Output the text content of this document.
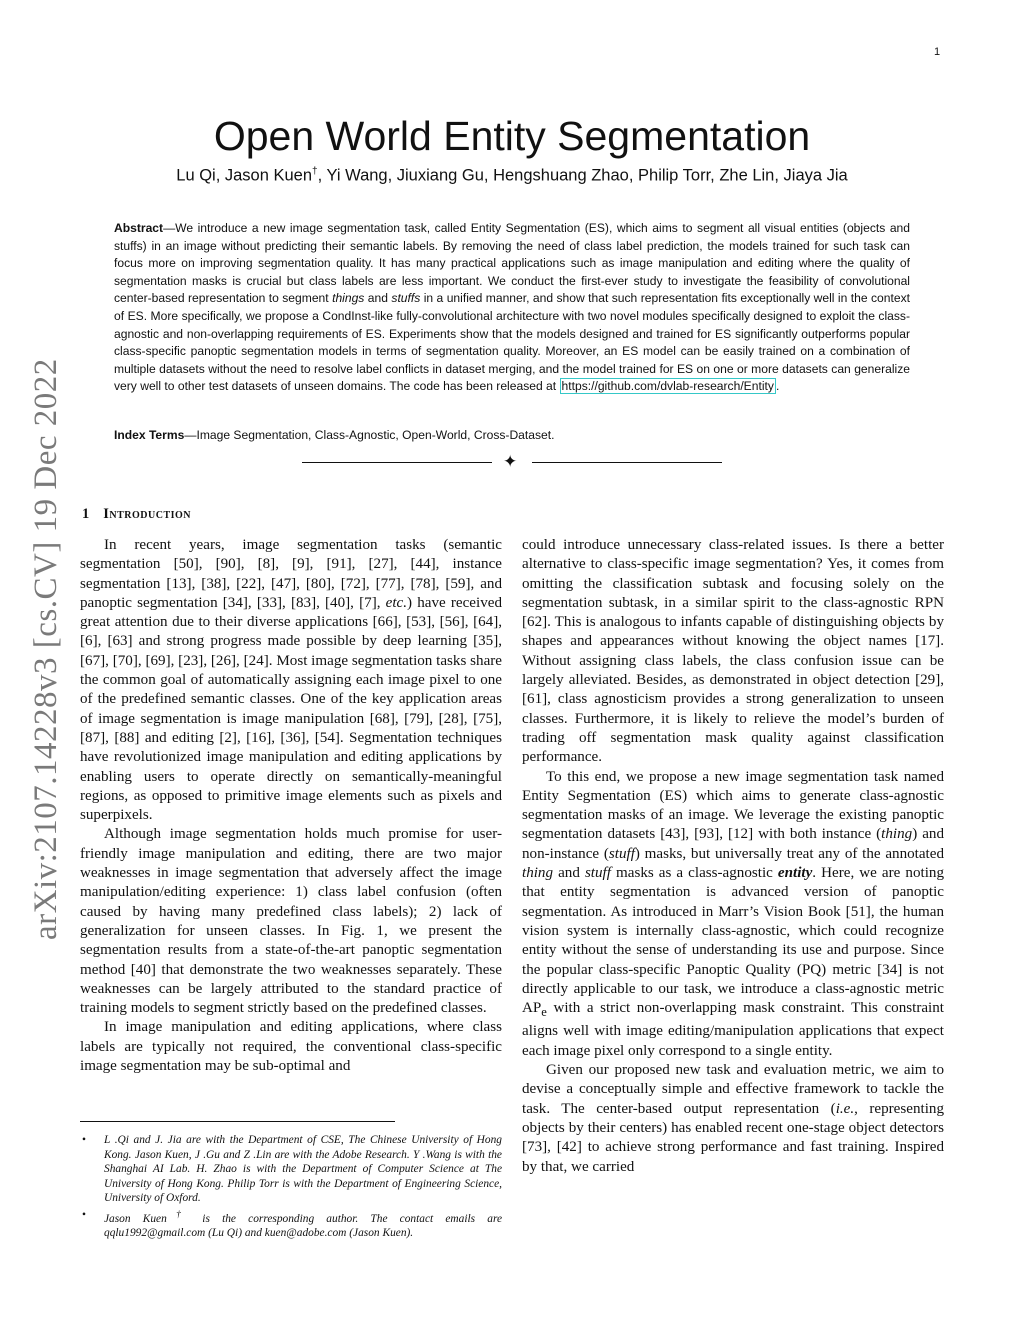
1
arXiv:2107.14228v3 [cs.CV] 19 Dec 2022
Open World Entity Segmentation
Lu Qi, Jason Kuen†, Yi Wang, Jiuxiang Gu, Hengshuang Zhao, Philip Torr, Zhe Lin, Jiaya Jia
Abstract—We introduce a new image segmentation task, called Entity Segmentation (ES), which aims to segment all visual entities (objects and stuffs) in an image without predicting their semantic labels. By removing the need of class label prediction, the models trained for such task can focus more on improving segmentation quality. It has many practical applications such as image manipulation and editing where the quality of segmentation masks is crucial but class labels are less important. We conduct the first-ever study to investigate the feasibility of convolutional center-based representation to segment things and stuffs in a unified manner, and show that such representation fits exceptionally well in the context of ES. More specifically, we propose a CondInst-like fully-convolutional architecture with two novel modules specifically designed to exploit the class-agnostic and non-overlapping requirements of ES. Experiments show that the models designed and trained for ES significantly outperforms popular class-specific panoptic segmentation models in terms of segmentation quality. Moreover, an ES model can be easily trained on a combination of multiple datasets without the need to resolve label conflicts in dataset merging, and the model trained for ES on one or more datasets can generalize very well to other test datasets of unseen domains. The code has been released at https://github.com/dvlab-research/Entity .
Index Terms—Image Segmentation, Class-Agnostic, Open-World, Cross-Dataset.
✦
1 Introduction

In recent years, image segmentation tasks (semantic segmentation [50], [90], [8], [9], [91], [27], [44], instance segmentation [13], [38], [22], [47], [80], [72], [77], [78], [59], and panoptic segmentation [34], [33], [83], [40], [7], etc.) have received great attention due to their diverse applications [66], [53], [56], [64], [6], [63] and strong progress made possible by deep learning [35], [67], [70], [69], [23], [26], [24]. Most image segmentation tasks share the common goal of automatically assigning each image pixel to one of the predefined semantic classes. One of the key application areas of image segmentation is image manipulation [68], [79], [28], [75], [87], [88] and editing [2], [16], [36], [54]. Segmentation techniques have revolutionized image manipulation and editing applications by enabling users to operate directly on semantically-meaningful regions, as opposed to primitive image elements such as pixels and superpixels.

Although image segmentation holds much promise for user-friendly image manipulation and editing, there are two major weaknesses in image segmentation that adversely affect the image manipulation/editing experience: 1) class label confusion (often caused by having many predefined class labels); 2) lack of generalization for unseen classes. In Fig. 1, we present the segmentation results from a state-of-the-art panoptic segmentation method [40] that demonstrate the two weaknesses separately. These weaknesses can be largely attributed to the standard practice of training models to segment strictly based on the predefined classes.

In image manipulation and editing applications, where class labels are typically not required, the conventional class-specific image segmentation may be sub-optimal and

could introduce unnecessary class-related issues. Is there a better alternative to class-specific image segmentation? Yes, it comes from omitting the classification subtask and focusing solely on the segmentation subtask, in a similar spirit to the class-agnostic RPN [62]. This is analogous to infants capable of distinguishing objects by shapes and appearances without knowing the object names [17]. Without assigning class labels, the class confusion issue can be largely alleviated. Besides, as demonstrated in object detection [29], [61], class agnosticism provides a strong generalization to unseen classes. Furthermore, it is likely to relieve the model’s burden of trading off segmentation mask quality against classification performance.

To this end, we propose a new image segmentation task named Entity Segmentation (ES) which aims to generate class-agnostic segmentation masks of an image. We leverage the existing panoptic segmentation datasets [43], [93], [12] with both instance (thing) and non-instance (stuff) masks, but universally treat any of the annotated thing and stuff masks as a class-agnostic entity. Here, we are noting that entity segmentation is advanced version of panoptic segmentation. As introduced in Marr’s Vision Book [51], the human vision system is internally class-agnostic, which could recognize entity without the sense of understanding its use and purpose. Since the popular class-specific Panoptic Quality (PQ) metric [34] is not directly applicable to our task, we introduce a class-agnostic metric $AP_e$ with a strict non-overlapping mask constraint. This constraint aligns well with image editing/manipulation applications that expect each image pixel only correspond to a single entity.

Given our proposed new task and evaluation metric, we aim to devise a conceptually simple and effective framework to tackle the task. The center-based output representation (i.e., representing objects by their centers) has enabled recent one-stage object detectors [73], [42] to achieve strong performance and fast training. Inspired by that, we carried

• L .Qi and J. Jia are with the Department of CSE, The Chinese University of Hong Kong. Jason Kuen, J .Gu and Z .Lin are with the Adobe Research. Y .Wang is with the Shanghai AI Lab. H. Zhao is with the Department of Computer Science at The University of Hong Kong. Philip Torr is with the Department of Engineering Science, University of Oxford.
• Jason Kuen† is the corresponding author. The contact emails are qqlu1992@gmail.com (Lu Qi) and kuen@adobe.com (Jason Kuen).
